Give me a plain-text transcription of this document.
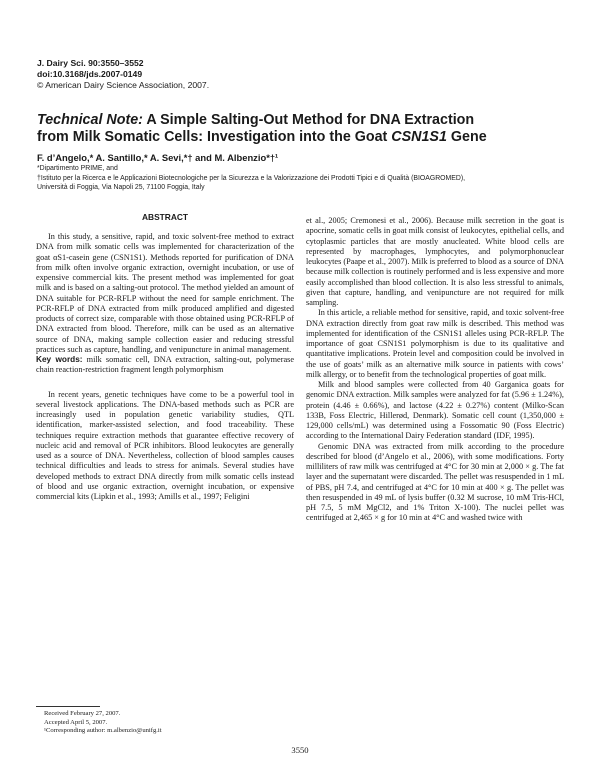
J. Dairy Sci. 90:3550–3552
doi:10.3168/jds.2007-0149
© American Dairy Science Association, 2007.
Technical Note: A Simple Salting-Out Method for DNA Extraction
from Milk Somatic Cells: Investigation into the Goat CSN1S1 Gene
F. d’Angelo,* A. Santillo,* A. Sevi,*† and M. Albenzio*†¹
*Dipartimento PRIME, and
†Istituto per la Ricerca e le Applicazioni Biotecnologiche per la Sicurezza e la Valorizzazione dei Prodotti Tipici e di Qualità (BIOAGROMED),
Università di Foggia, Via Napoli 25, 71100 Foggia, Italy
ABSTRACT

In this study, a sensitive, rapid, and toxic solvent-free method to extract DNA from milk somatic cells was implemented for characterization of the goat αS1-casein gene (CSN1S1). Methods reported for purification of DNA from milk often involve organic extraction, overnight incubation, or use of expensive commercial kits. The present method was implemented for goat milk and is based on a salting-out protocol. The method yielded an amount of DNA suitable for PCR-RFLP without the need for sample enrichment. The PCR-RFLP of DNA extracted from milk produced amplified and digested products of correct size, comparable with those obtained using PCR-RFLP of DNA extracted from blood. Therefore, milk can be used as an alternative source of DNA, making sample collection easier and reducing stressful practices such as capture, handling, and venipuncture in animal management.

Key words: milk somatic cell, DNA extraction, salting-out, polymerase chain reaction-restriction fragment length polymorphism

In recent years, genetic techniques have come to be a powerful tool in several livestock applications. The DNA-based methods such as PCR are increasingly used in population genetic variability studies, QTL identification, marker-assisted selection, and food traceability. These techniques require extraction methods that guarantee effective recovery of nucleic acid and removal of PCR inhibitors. Blood leukocytes are generally used as a source of DNA. Nevertheless, collection of blood samples causes technical difficulties and leads to stress for animals. Several studies have developed methods to extract DNA directly from milk somatic cells instead of blood and use organic extraction, overnight incubation, or expensive commercial kits (Lipkin et al., 1993; Amills et al., 1997; Feligini

et al., 2005; Cremonesi et al., 2006). Because milk secretion in the goat is apocrine, somatic cells in goat milk consist of leukocytes, epithelial cells, and cytoplasmic particles that are mostly anucleated. White blood cells are represented by macrophages, lymphocytes, and polymorphonuclear leukocytes (Paape et al., 2007). Milk is preferred to blood as a source of DNA because milk collection is routinely performed and is less expensive and more easily accomplished than blood collection. It is also less stressful to animals, given that capture, handling, and venipuncture are not required for milk sampling.

In this article, a reliable method for sensitive, rapid, and toxic solvent-free DNA extraction directly from goat raw milk is described. This method was implemented for identification of the CSN1S1 alleles using PCR-RFLP. The importance of goat CSN1S1 polymorphism is due to its qualitative and quantitative implications. Protein level and composition could be involved in the use of goats’ milk as an alternative milk source in patients with cows’ milk allergy, or to benefit from the technological properties of goat milk.

Milk and blood samples were collected from 40 Garganica goats for genomic DNA extraction. Milk samples were analyzed for fat (5.96 ± 1.24%), protein (4.46 ± 0.66%), and lactose (4.22 ± 0.27%) content (Milko-Scan 133B, Foss Electric, Hillerød, Denmark). Somatic cell count (1,350,000 ± 129,000 cells/mL) was determined using a Fossomatic 90 (Foss Electric) according to the International Dairy Federation standard (IDF, 1995).

Genomic DNA was extracted from milk according to the procedure described for blood (d’Angelo et al., 2006), with some modifications. Forty milliliters of raw milk was centrifuged at 4°C for 30 min at 2,000 × g. The fat layer and the supernatant were discarded. The pellet was resuspended in 1 mL of PBS, pH 7.4, and centrifuged at 4°C for 10 min at 400 × g. The pellet was then resuspended in 49 mL of lysis buffer (0.32 M sucrose, 10 mM Tris-HCl, pH 7.5, 5 mM MgCl2, and 1% Triton X-100). The nuclei pellet was centrifuged at 2,465 × g for 10 min at 4°C and washed twice with

Received February 27, 2007.
Accepted April 5, 2007.
¹Corresponding author: m.albenzio@unifg.it
3550
